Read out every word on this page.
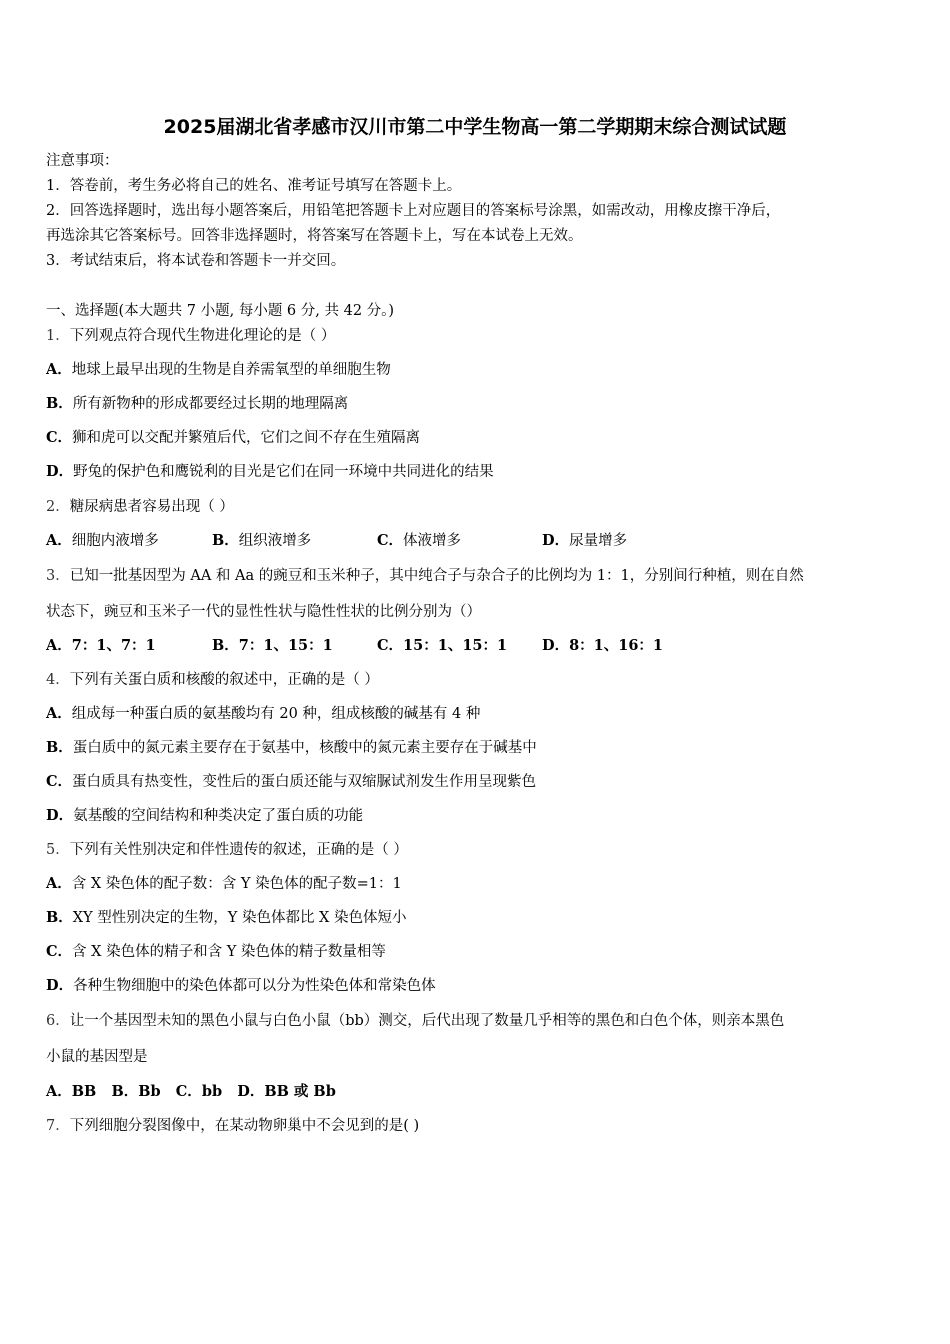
2025届湖北省孝感市汉川市第二中学生物高一第二学期期末综合测试试题
注意事项：
1．答卷前，考生务必将自己的姓名、准考证号填写在答题卡上。
2．回答选择题时，选出每小题答案后，用铅笔把答题卡上对应题目的答案标号涂黑，如需改动，用橡皮擦干净后，
再选涂其它答案标号。回答非选择题时，将答案写在答题卡上，写在本试卷上无效。
3．考试结束后，将本试卷和答题卡一并交回。
一、选择题(本大题共 7 小题, 每小题 6 分, 共 42 分。)
1．下列观点符合现代生物进化理论的是（ ）
A．地球上最早出现的生物是自养需氧型的单细胞生物
B．所有新物种的形成都要经过长期的地理隔离
C．狮和虎可以交配并繁殖后代，它们之间不存在生殖隔离
D．野兔的保护色和鹰锐利的目光是它们在同一环境中共同进化的结果
2．糖尿病患者容易出现（ ）
A．细胞内液增多	B．组织液增多	C．体液增多	D．尿量增多
3．已知一批基因型为 AA 和 Aa 的豌豆和玉米种子，其中纯合子与杂合子的比例均为 1：1，分别间行种植，则在自然
状态下，豌豆和玉米子一代的显性性状与隐性性状的比例分别为（）
A．7：1、7：1	B．7：1、15：1	C．15：1、15：1 D．8：1、16：1
4．下列有关蛋白质和核酸的叙述中，正确的是（ ）
A．组成每一种蛋白质的氨基酸均有 20 种，组成核酸的碱基有 4 种
B．蛋白质中的氮元素主要存在于氨基中，核酸中的氮元素主要存在于碱基中
C．蛋白质具有热变性，变性后的蛋白质还能与双缩脲试剂发生作用呈现紫色
D．氨基酸的空间结构和种类决定了蛋白质的功能
5．下列有关性别决定和伴性遗传的叙述，正确的是（ ）
A．含 X 染色体的配子数：含 Y 染色体的配子数=1：1
B．XY 型性别决定的生物，Y 染色体都比 X 染色体短小
C．含 X 染色体的精子和含 Y 染色体的精子数量相等
D．各种生物细胞中的染色体都可以分为性染色体和常染色体
6．让一个基因型未知的黑色小鼠与白色小鼠（bb）测交，后代出现了数量几乎相等的黑色和白色个体，则亲本黑色
小鼠的基因型是
A．BB B．Bb C．bb D．BB 或 Bb
7．下列细胞分裂图像中，在某动物卵巢中不会见到的是( )
